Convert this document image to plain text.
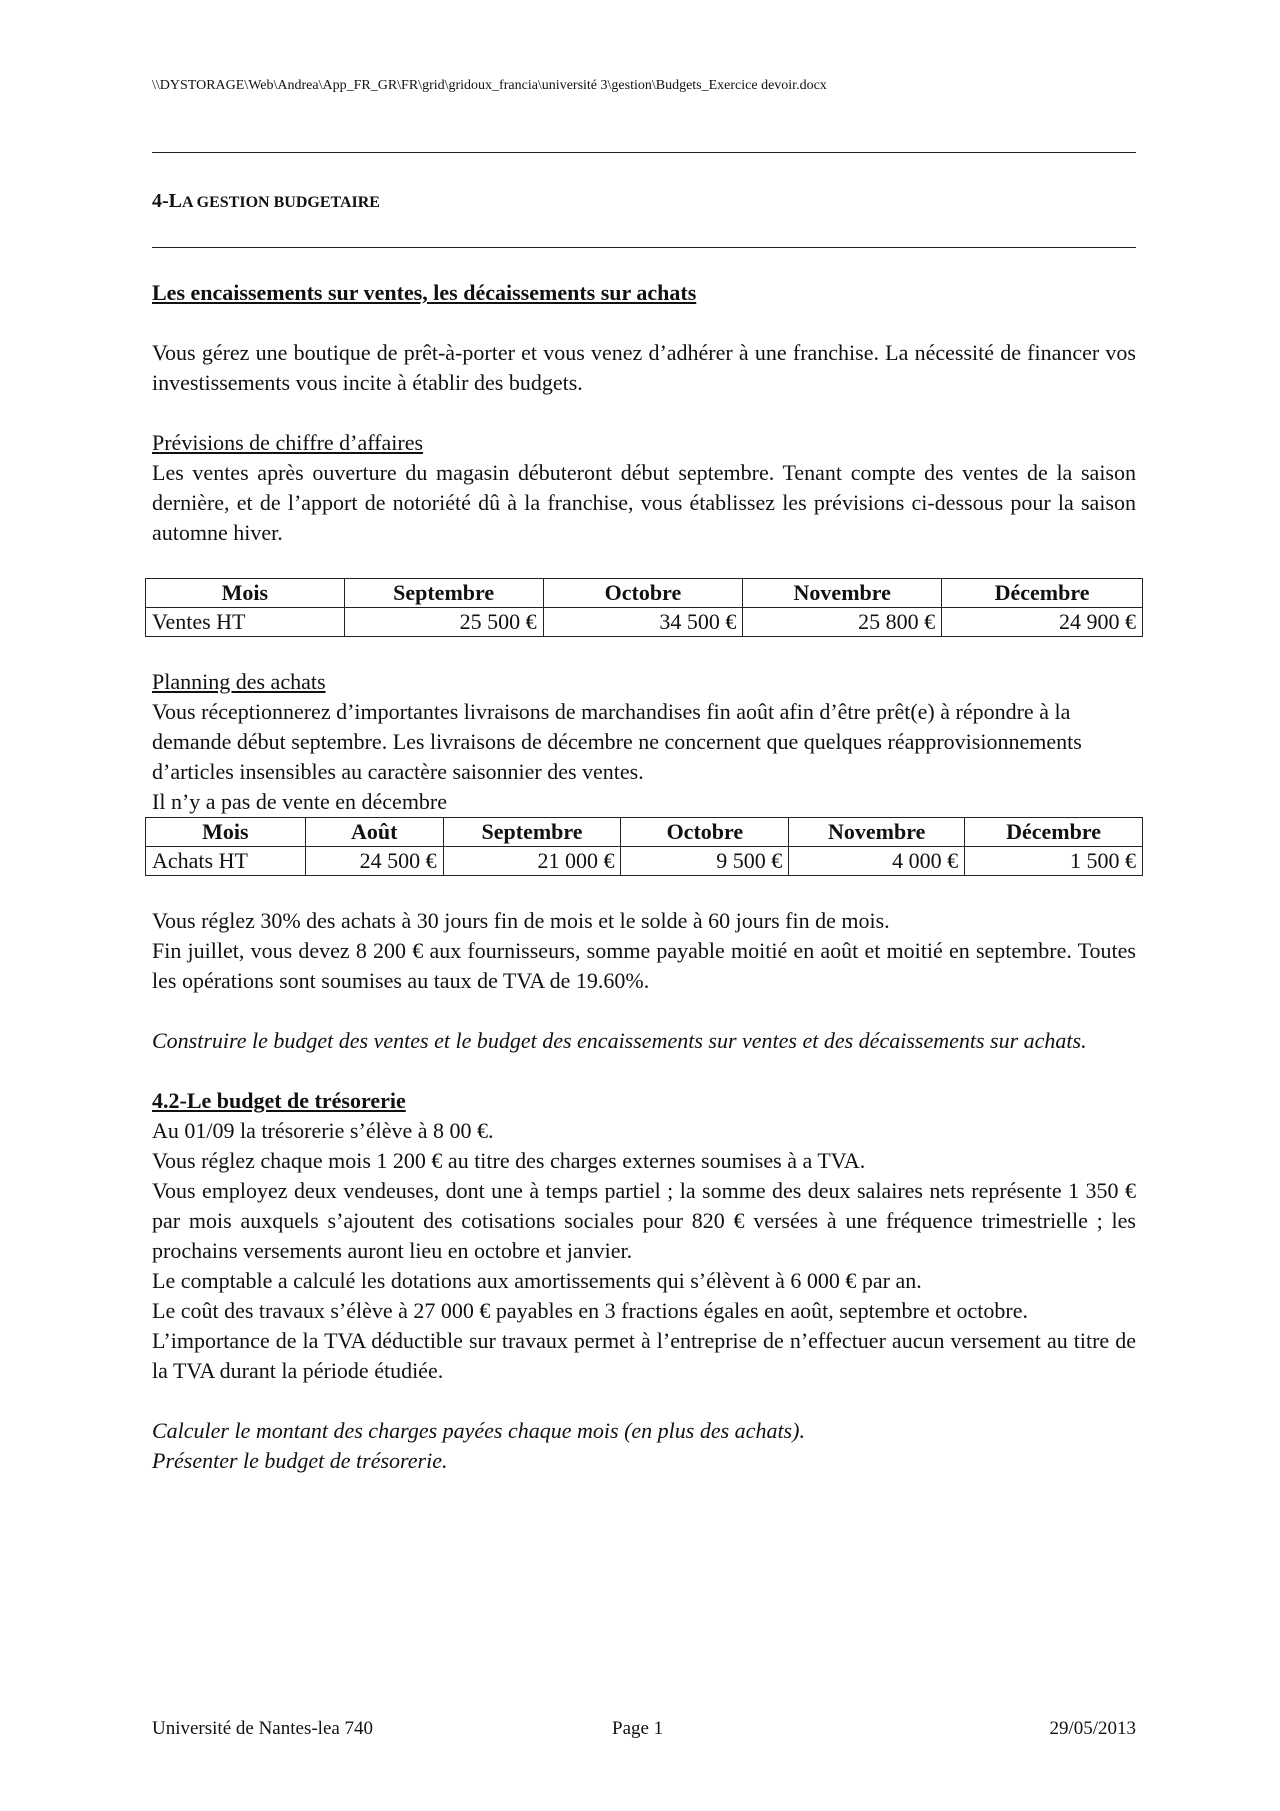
\\DYSTORAGE\Web\Andrea\App_FR_GR\FR\grid\gridoux_francia\université 3\gestion\Budgets_Exercice devoir.docx
4-LA GESTION BUDGETAIRE

Les encaissements sur ventes, les décaissements sur achats

Vous gérez une boutique de prêt-à-porter et vous venez d’adhérer à une franchise. La nécessité de financer vos investissements vous incite à établir des budgets.

Prévisions de chiffre d’affaires

Les ventes après ouverture du magasin débuteront début septembre. Tenant compte des ventes de la saison dernière, et de l’apport de notoriété dû à la franchise, vous établissez les prévisions ci-dessous pour la saison automne hiver.

Mois	Septembre	Octobre	Novembre	Décembre
Ventes HT	25 500 €	34 500 €	25 800 €	24 900 €

Planning des achats

Vous réceptionnerez d’importantes livraisons de marchandises fin août afin d’être prêt(e) à répondre à la demande début septembre. Les livraisons de décembre ne concernent que quelques réapprovisionnements d’articles insensibles au caractère saisonnier des ventes.

Il n’y a pas de vente en décembre

Mois	Août	Septembre	Octobre	Novembre	Décembre
Achats HT	24 500 €	21 000 €	9 500 €	4 000 €	1 500 €

Vous réglez 30% des achats à 30 jours fin de mois et le solde à 60 jours fin de mois.

Fin juillet, vous devez 8 200 € aux fournisseurs, somme payable moitié en août et moitié en septembre. Toutes les opérations sont soumises au taux de TVA de 19.60%.

Construire le budget des ventes et le budget des encaissements sur ventes et des décaissements sur achats.

4.2-Le budget de trésorerie

Au 01/09 la trésorerie s’élève à 8 00 €.

Vous réglez chaque mois 1 200 € au titre des charges externes soumises à a TVA.

Vous employez deux vendeuses, dont une à temps partiel ; la somme des deux salaires nets représente 1 350 € par mois auxquels s’ajoutent des cotisations sociales pour 820 € versées à une fréquence trimestrielle ; les prochains versements auront lieu en octobre et janvier.

Le comptable a calculé les dotations aux amortissements qui s’élèvent à 6 000 € par an.

Le coût des travaux s’élève à 27 000 € payables en 3 fractions égales en août, septembre et octobre.

L’importance de la TVA déductible sur travaux permet à l’entreprise de n’effectuer aucun versement au titre de la TVA durant la période étudiée.

Calculer le montant des charges payées chaque mois (en plus des achats).

Présenter le budget de trésorerie.

Université de Nantes-lea 740	Page 1	29/05/2013
